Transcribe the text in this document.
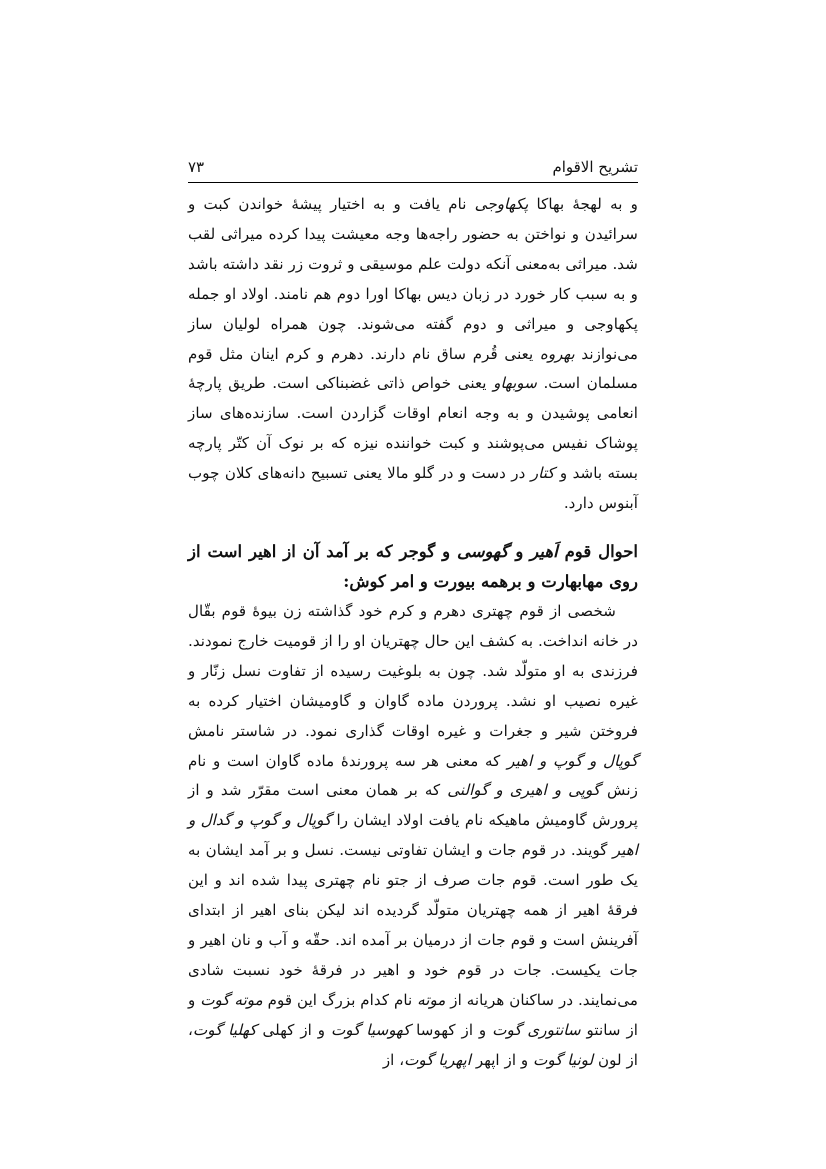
تشریح الاقوام
۷۳

و به لهجۀ بهاکا پکهاوجی نام یافت و به اختیار پیشۀ خواندن کبت و سرائیدن و نواختن به حضور راجه‌ها وجه معیشت پیدا کرده میراثی لقب شد. میراثی به‌معنی آنکه دولت علم موسیقی و ثروت زر نقد داشته باشد و به سبب کار خورد در زبان دیس بهاکا اورا دوم هم نامند. اولاد او جمله پکهاوجی و میراثی و دوم گفته می‌شوند. چون همراه لولیان ساز می‌نوازند بهروه یعنی قُرم ساق نام دارند. دهرم و کرم اینان مثل قوم مسلمان است. سوبهاو یعنی خواص ذاتی غضبناکی است. طریق پارچۀ انعامی پوشیدن و به وجه انعام اوقات گزاردن است. سازنده‌های ساز پوشاک نفیس می‌پوشند و کبت خواننده نیزه که بر نوک آن کتّر پارچه بسته باشد و کتار در دست و در گلو مالا یعنی تسبیح دانه‌های کلان چوب آبنوس دارد.

احوال قوم اَهیر و گهوسی و گوجر که بر آمد آن از اهیر است از روی مهابهارت و برهمه بیورت و امر کوش:

شخصی از قوم چهتری دهرم و کرم خود گذاشته زن بیوۀ قوم بقّال در خانه انداخت. به کشف این حال چهتریان او را از قومیت خارج نمودند. فرزندی به او متولّد شد. چون به بلوغیت رسیده از تفاوت نسل زنّار و غیره نصیب او نشد. پروردن ماده گاوان و گاومیشان اختیار کرده به فروختن شیر و جغرات و غیره اوقات گذاری نمود. در شاستر نامش گوپال و گوپ و اهیر که معنی هر سه پرورندۀ ماده گاوان است و نام زنش گوپی و اهیری و گوالنی که بر همان معنی است مقرّر شد و از پرورش گاومیش ماهیکه نام یافت اولاد ایشان را گوپال و گوپ و گدال و اهیر گویند. در قوم جات و ایشان تفاوتی نیست. نسل و بر آمد ایشان به یک طور است. قوم جات صرف از جتو نام چهتری پیدا شده اند و این فرقۀ اهیر از همه چهتریان متولّد گردیده اند لیکن بنای اهیر از ابتدای آفرینش است و قوم جات از درمیان بر آمده اند. حقّه و آب و نان اهیر و جات یکیست. جات در قوم خود و اهیر در فرقۀ خود نسبت شادی می‌نمایند. در ساکنان هریانه از موته نام کدام بزرگ این قوم موته گوت و از سانتو سانتوری گوت و از کهوسا کهوسیا گوت و از کهلی کهلیا گوت، از لون لونیا گوت و از اپهر اپهریا گوت، از
